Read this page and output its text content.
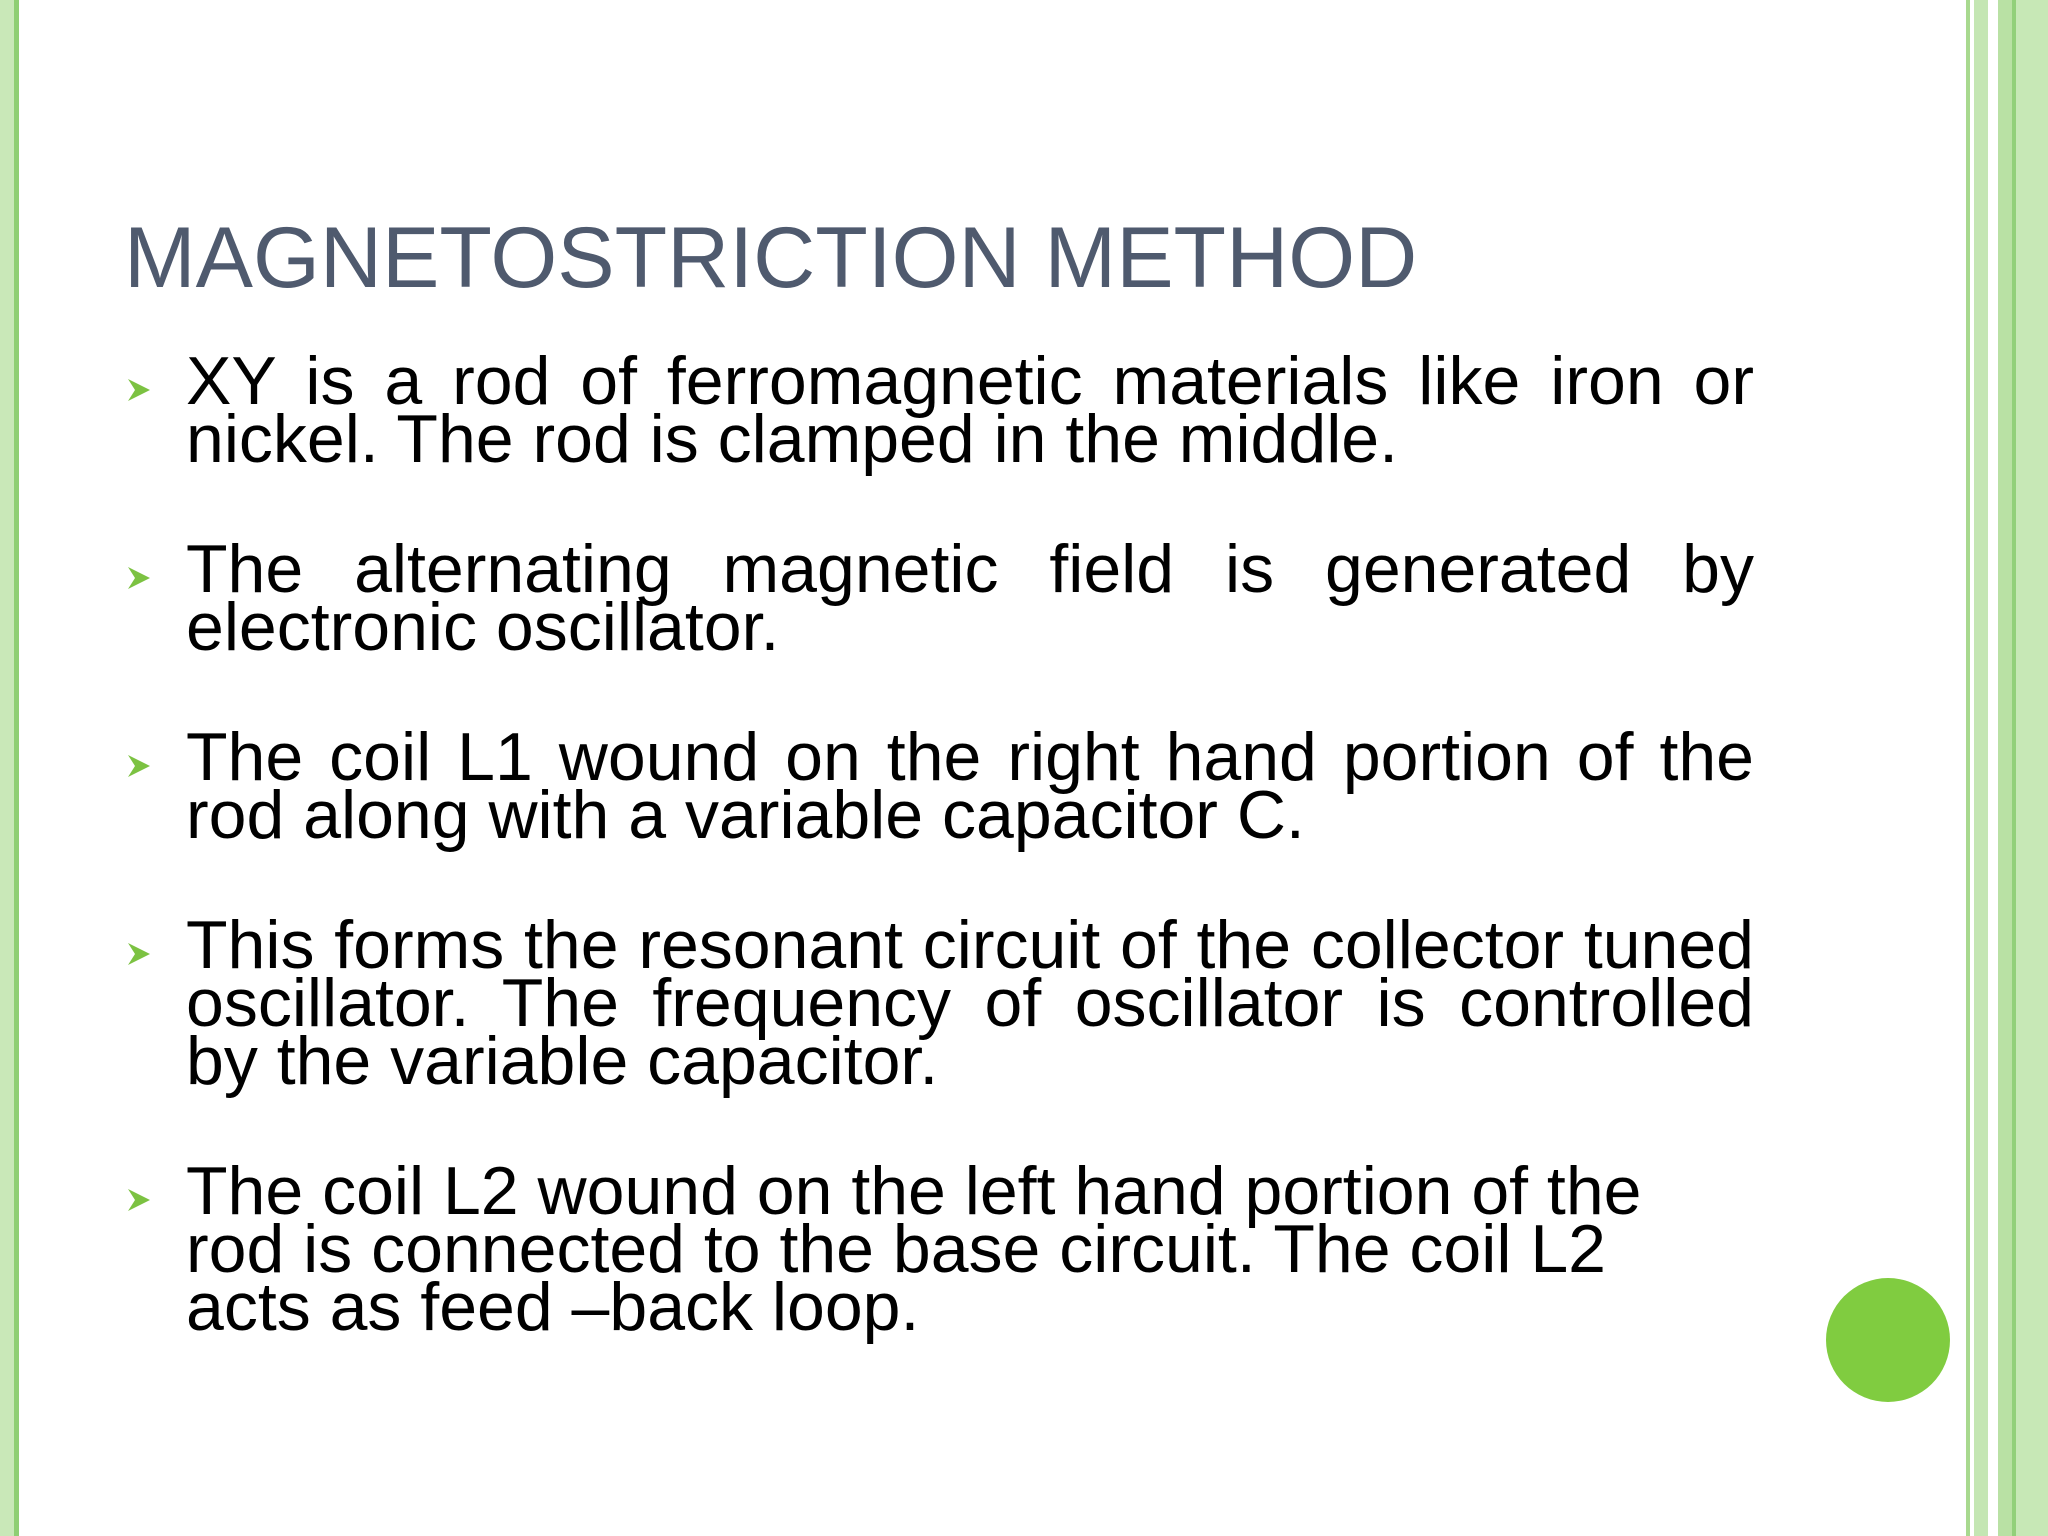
MAGNETOSTRICTION METHOD
XY is a rod of ferromagnetic materials like iron or nickel. The rod is clamped in the middle.
The alternating magnetic field is generated by electronic oscillator.
The coil L1 wound on the right hand portion of the rod along with a variable capacitor C.
This forms the resonant circuit of the collector tuned oscillator. The frequency of oscillator is controlled by the variable capacitor.
The coil L2 wound on the left hand portion of the rod is connected to the base circuit. The coil L2 acts as feed –back loop.
